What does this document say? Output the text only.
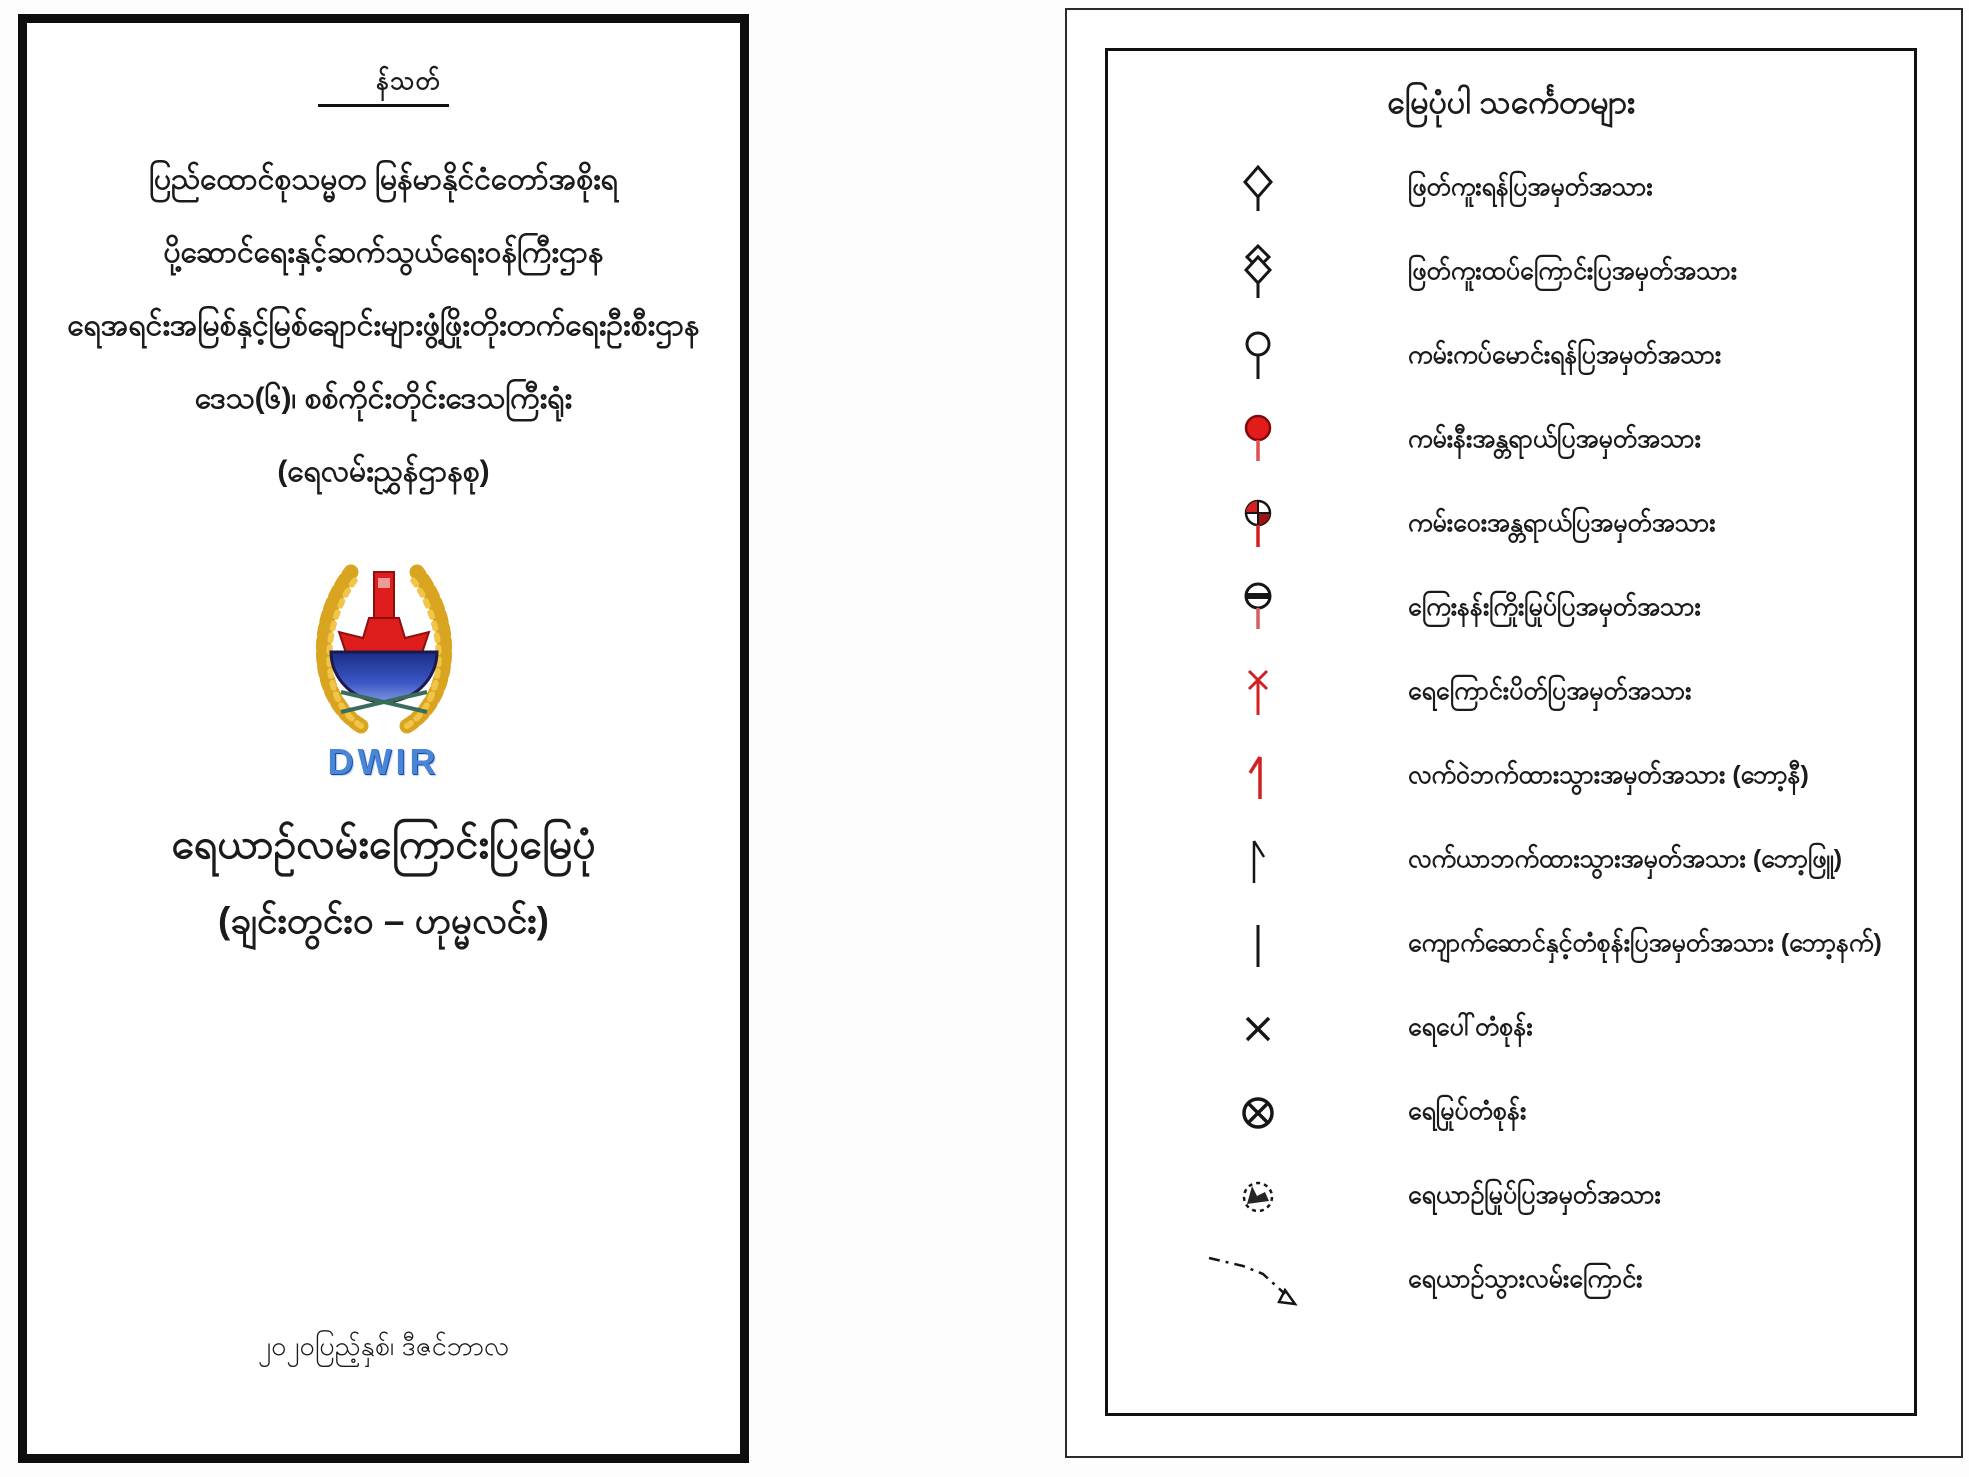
န်သတ်
ပြည်ထောင်စုသမ္မတ မြန်မာနိုင်ငံတော်အစိုးရ
ပို့ဆောင်ရေးနှင့်ဆက်သွယ်ရေးဝန်ကြီးဌာန
ရေအရင်းအမြစ်နှင့်မြစ်ချောင်းများဖွံ့ဖြိုးတိုးတက်ရေးဦးစီးဌာန
ဒေသ(၆)၊ စစ်ကိုင်းတိုင်းဒေသကြီးရုံး
(ရေလမ်းညွှန်ဌာနစု)
DWIR
ရေယာဉ်လမ်းကြောင်းပြမြေပုံ
(ချင်းတွင်းဝ – ဟုမ္မလင်း)
၂၀၂၀ပြည့်နှစ်၊ ဒီဇင်ဘာလ
မြေပုံပါ သင်္ကေတများ
ဖြတ်ကူးရန်ပြအမှတ်အသား
ဖြတ်ကူးထပ်ကြောင်းပြအမှတ်အသား
ကမ်းကပ်မောင်းရန်ပြအမှတ်အသား
ကမ်းနီးအန္တရာယ်ပြအမှတ်အသား
ကမ်းဝေးအန္တရာယ်ပြအမှတ်အသား
ကြေးနန်းကြိုးမြုပ်ပြအမှတ်အသား
ရေကြောင်းပိတ်ပြအမှတ်အသား
လက်ဝဲဘက်ထားသွားအမှတ်အသား (ဘော့နီ)
လက်ယာဘက်ထားသွားအမှတ်အသား (ဘော့ဖြူ)
ကျောက်ဆောင်နှင့်တံစုန်းပြအမှတ်အသား (ဘော့နက်)
ရေပေါ်တံစုန်း
ရေမြုပ်တံစုန်း
ရေယာဉ်မြုပ်ပြအမှတ်အသား
ရေယာဉ်သွားလမ်းကြောင်း
